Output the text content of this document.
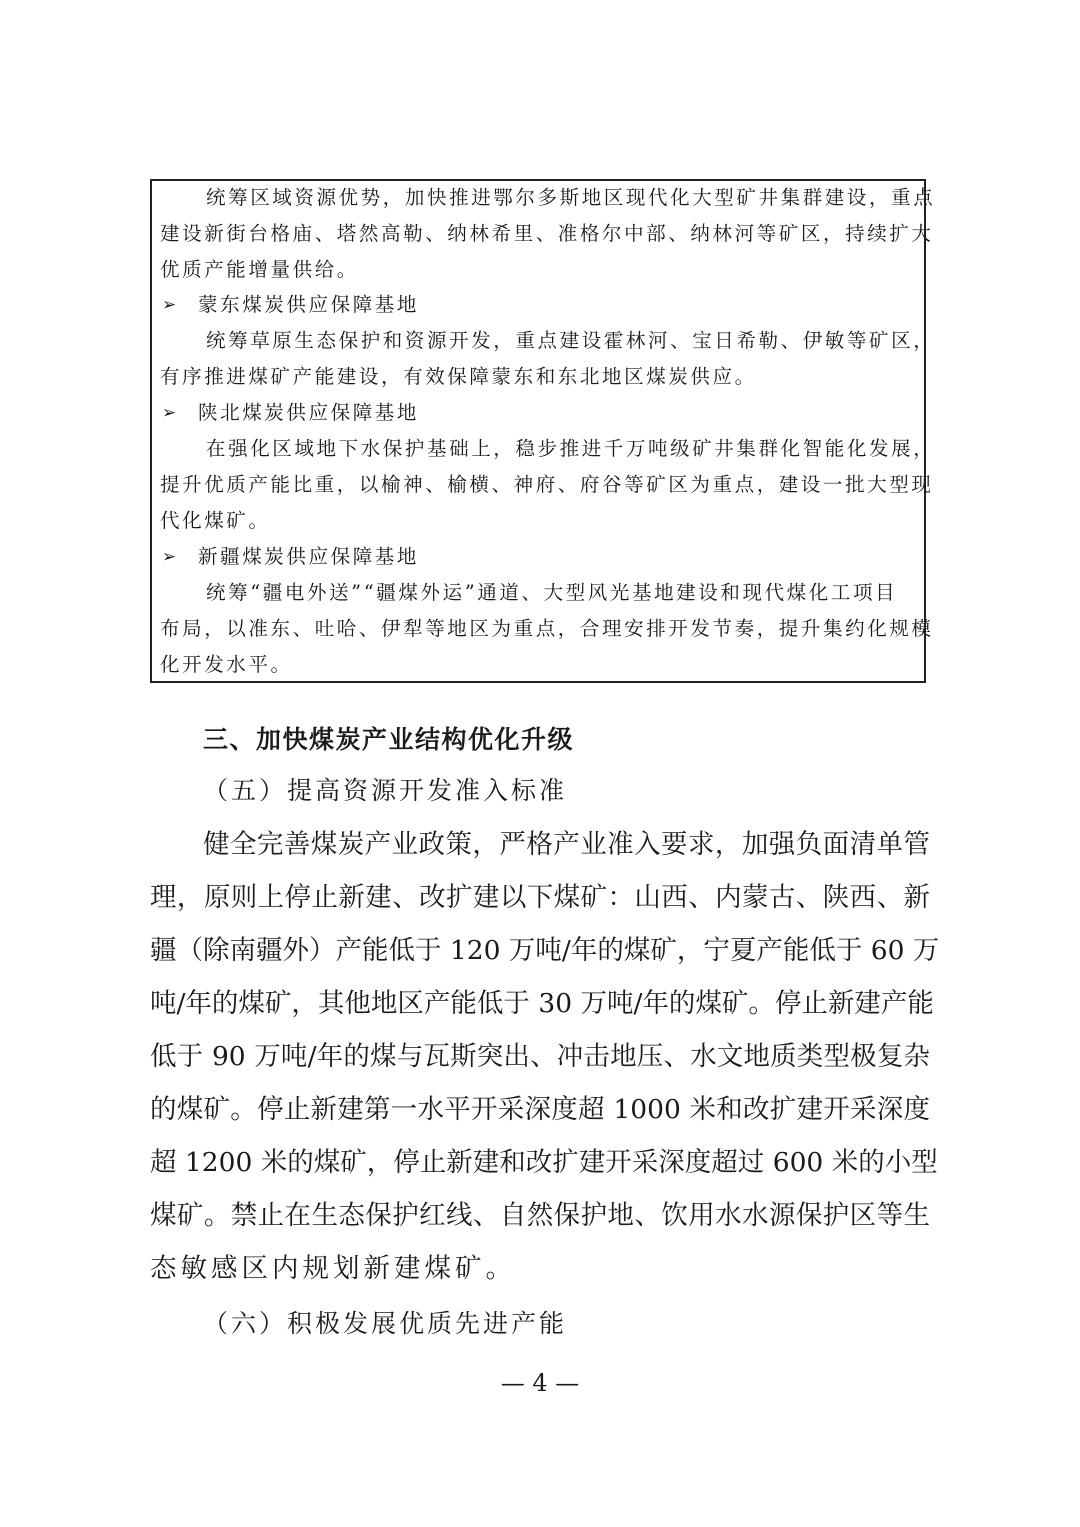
统筹区域资源优势，加快推进鄂尔多斯地区现代化大型矿井集群建设，重点
建设新街台格庙、塔然高勒、纳林希里、准格尔中部、纳林河等矿区，持续扩大
优质产能增量供给。
➢ 蒙东煤炭供应保障基地
统筹草原生态保护和资源开发，重点建设霍林河、宝日希勒、伊敏等矿区，
有序推进煤矿产能建设，有效保障蒙东和东北地区煤炭供应。
➢ 陕北煤炭供应保障基地
在强化区域地下水保护基础上，稳步推进千万吨级矿井集群化智能化发展，
提升优质产能比重，以榆神、榆横、神府、府谷等矿区为重点，建设一批大型现
代化煤矿。
➢ 新疆煤炭供应保障基地
统筹“疆电外送”“疆煤外运”通道、大型风光基地建设和现代煤化工项目
布局，以准东、吐哈、伊犁等地区为重点，合理安排开发节奏，提升集约化规模
化开发水平。
三、加快煤炭产业结构优化升级
（五）提高资源开发准入标准
健全完善煤炭产业政策，严格产业准入要求，加强负面清单管
理，原则上停止新建、改扩建以下煤矿：山西、内蒙古、陕西、新
疆（除南疆外）产能低于 120 万吨/年的煤矿，宁夏产能低于 60 万
吨/年的煤矿，其他地区产能低于 30 万吨/年的煤矿。停止新建产能
低于 90 万吨/年的煤与瓦斯突出、冲击地压、水文地质类型极复杂
的煤矿。停止新建第一水平开采深度超 1000 米和改扩建开采深度
超 1200 米的煤矿，停止新建和改扩建开采深度超过 600 米的小型
煤矿。禁止在生态保护红线、自然保护地、饮用水水源保护区等生
态敏感区内规划新建煤矿。
（六）积极发展优质先进产能
— 4 —
